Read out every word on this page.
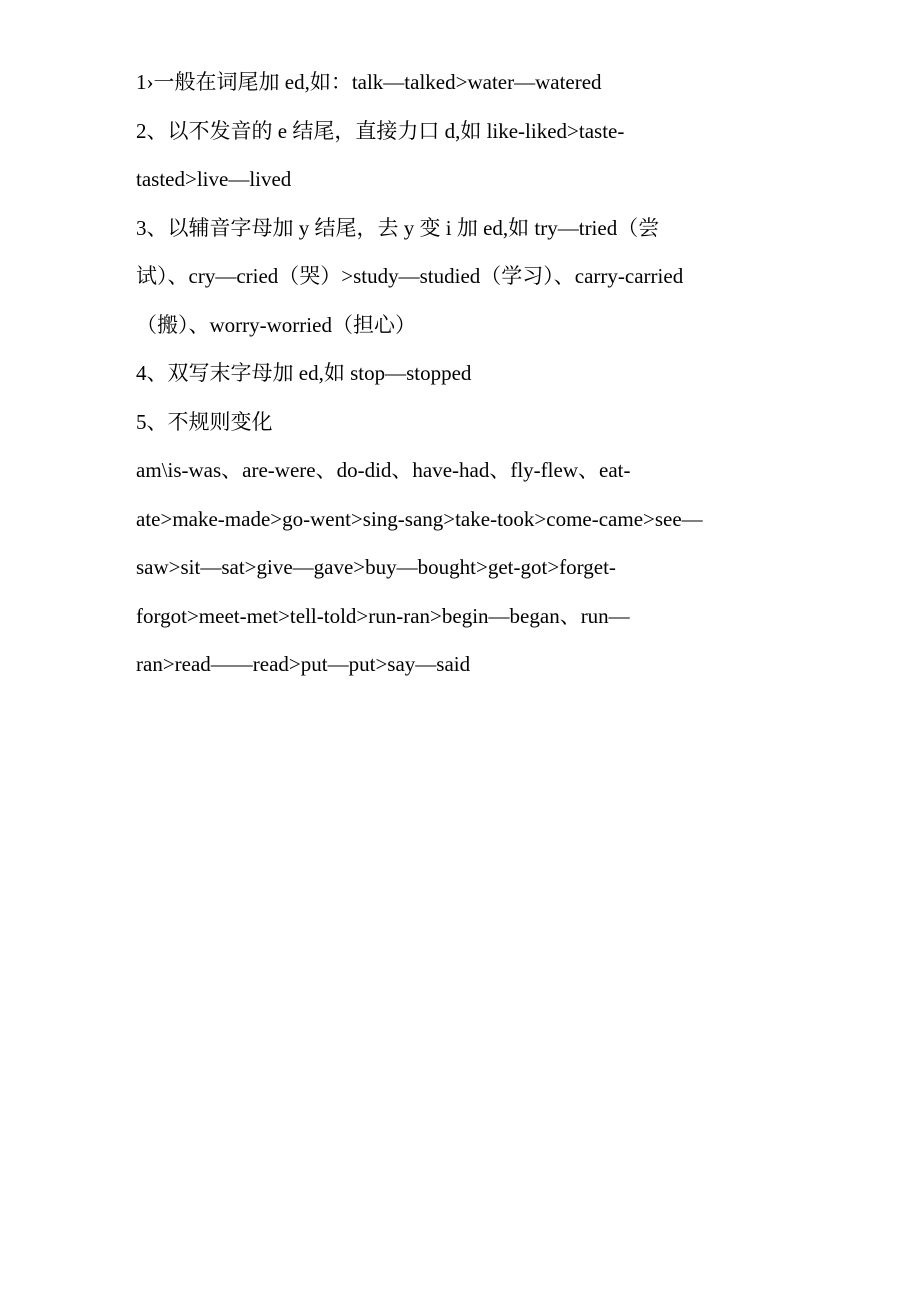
1›一般在词尾加 ed,如：talk—talked>water—watered
2、以不发音的 e 结尾，直接力口 d,如 like-liked>taste-
tasted>live—lived
3、以辅音字母加 y 结尾，去 y 变 i 加 ed,如 try—tried（尝
试）、cry—cried（哭）>study—studied（学习）、carry-carried
（搬）、worry-worried（担心）
4、双写末字母加 ed,如 stop—stopped
5、不规则变化
am\is-was、are-were、do-did、have-had、fly-flew、eat-
ate>make-made>go-went>sing-sang>take-took>come-came>see—
saw>sit—sat>give—gave>buy—bought>get-got>forget-
forgot>meet-met>tell-told>run-ran>begin—began、run—
ran>read——read>put—put>say—said
